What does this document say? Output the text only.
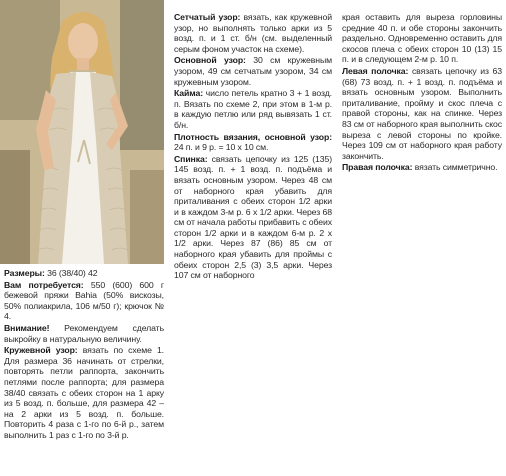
Размеры: 36 (38/40) 42

Вам потребуется: 550 (600) 600 г бежевой пряжи Bahia (50% вискозы, 50% полиакрила, 106 м/50 г); крючок № 4.

Внимание! Рекомендуем сделать выкройку в натуральную величину.

Кружевной узор: вязать по схеме 1. Для размера 36 начинать от стрелки, повторять петли раппорта, закончить петлями после раппорта; для размера 38/40 связать с обеих сторон на 1 арку из 5 возд. п. больше, для размера 42 – на 2 арки из 5 возд. п. больше. Повторить 4 раза с 1-го по 6-й р., затем выполнить 1 раз с 1-го по 3-й р.

Сетчатый узор: вязать, как кружевной узор, но выполнять только арки из 5 возд. п. и 1 ст. б/н (см. выделенный серым фоном участок на схеме).

Основной узор: 30 см кружевным узором, 49 см сетчатым узором, 34 см кружевным узором.

Кайма: число петель кратно 3 + 1 возд. п. Вязать по схеме 2, при этом в 1-м р. в каждую петлю или ряд вывязать 1 ст. б/н.

Плотность вязания, основной узор: 24 п. и 9 р. = 10 x 10 см.

Спинка: связать цепочку из 125 (135) 145 возд. п. + 1 возд. п. подъёма и вязать основным узором. Через 48 см от наборного края убавить для приталивания с обеих сторон 1/2 арки и в каждом 3-м р. 6 x 1/2 арки. Через 68 см от начала работы прибавить с обеих сторон 1/2 арки и в каждом 6-м р. 2 x 1/2 арки. Через 87 (86) 85 см от наборного края убавить для проймы с обеих сторон 2,5 (3) 3,5 арки. Через 107 см от наборного

края оставить для выреза горловины средние 40 п. и обе стороны закончить раздельно. Одновременно оставить для скосов плеча с обеих сторон 10 (13) 15 п. и в следующем 2-м р. 10 п.

Левая полочка: связать цепочку из 63 (68) 73 возд. п. + 1 возд. п. подъёма и вязать основным узором. Выполнить приталивание, пройму и скос плеча с правой стороны, как на спинке. Через 83 см от наборного края выполнить скос выреза с левой стороны по кройке. Через 109 см от наборного края работу закончить.

Правая полочка: вязать симметрично.
